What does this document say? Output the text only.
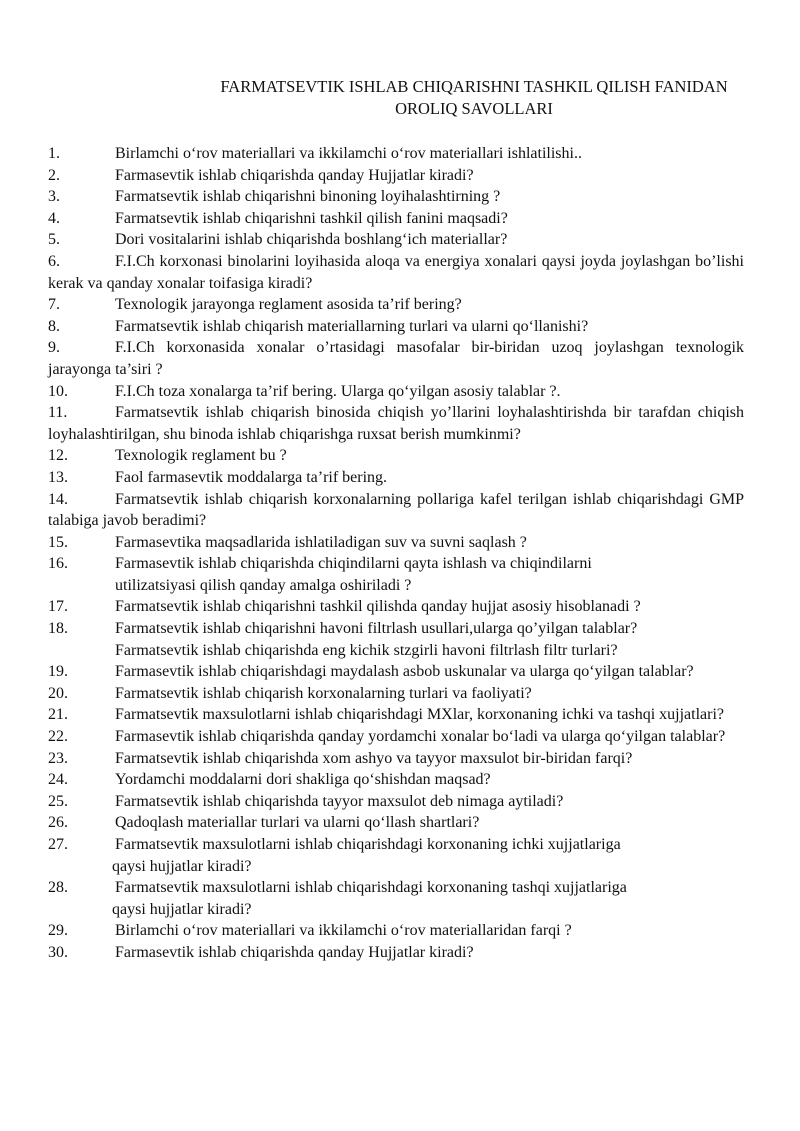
FARMATSEVTIK ISHLAB CHIQARISHNI TASHKIL QILISH FANIDAN
OROLIQ SAVOLLARI
1.	Birlamchi o‘rov materiallari va ikkilamchi o‘rov materiallari ishlatilishi..
2.	Farmasevtik ishlab chiqarishda qanday Hujjatlar kiradi?
3.	Farmatsevtik ishlab chiqarishni binoning loyihalashtirning ?
4.	Farmatsevtik ishlab chiqarishni tashkil qilish fanini maqsadi?
5.	Dori vositalarini ishlab chiqarishda boshlang‘ich materiallar?
6.	F.I.Ch korxonasi binolarini loyihasida aloqa va energiya xonalari qaysi joyda joylashgan bo’lishi kerak va qanday xonalar toifasiga kiradi?
7.	Texnologik jarayonga reglament asosida ta’rif bering?
8.	Farmatsevtik ishlab chiqarish materiallarning turlari va ularni qo‘llanishi?
9.	F.I.Ch korxonasida xonalar o’rtasidagi masofalar bir-biridan uzoq joylashgan texnologik jarayonga ta’siri ?
10.	F.I.Ch toza xonalarga ta’rif bering. Ularga qo‘yilgan asosiy talablar ?.
11.	Farmatsevtik ishlab chiqarish binosida chiqish yo’llarini loyhalashtirishda bir tarafdan chiqish loyhalashtirilgan, shu binoda ishlab chiqarishga ruxsat berish mumkinmi?
12.	Texnologik reglament bu ?
13.	Faol farmasevtik moddalarga ta’rif bering.
14.	Farmatsevtik ishlab chiqarish korxonalarning pollariga kafel terilgan ishlab chiqarishdagi GMP talabiga javob beradimi?
15.	Farmasevtika maqsadlarida ishlatiladigan suv va suvni saqlash ?
16.	Farmasevtik ishlab chiqarishda chiqindilarni qayta ishlash va chiqindilarni
utilizatsiyasi qilish qanday amalga oshiriladi ?
17.	Farmatsevtik ishlab chiqarishni tashkil qilishda qanday hujjat asosiy hisoblanadi ?
18.	Farmatsevtik ishlab chiqarishni havoni filtrlash usullari,ularga qo’yilgan talablar?
Farmatsevtik ishlab chiqarishda eng kichik stzgirli havoni filtrlash filtr turlari?
19.	Farmasevtik ishlab chiqarishdagi maydalash asbob uskunalar va ularga qo‘yilgan talablar?
20.	Farmatsevtik ishlab chiqarish korxonalarning turlari va faoliyati?
21.	Farmatsevtik maxsulotlarni ishlab chiqarishdagi MXlar, korxonaning ichki va tashqi xujjatlari?
22.	Farmasevtik ishlab chiqarishda qanday yordamchi xonalar bo‘ladi va ularga qo‘yilgan talablar?
23.	Farmatsevtik ishlab chiqarishda xom ashyo va tayyor maxsulot bir-biridan farqi?
24.	Yordamchi moddalarni dori shakliga qo‘shishdan maqsad?
25.	Farmatsevtik ishlab chiqarishda tayyor maxsulot deb nimaga aytiladi?
26.	Qadoqlash materiallar turlari va ularni qo‘llash shartlari?
27.	Farmatsevtik maxsulotlarni ishlab chiqarishdagi korxonaning ichki xujjatlariga
qaysi hujjatlar kiradi?
28.	Farmatsevtik maxsulotlarni ishlab chiqarishdagi korxonaning tashqi xujjatlariga
qaysi hujjatlar kiradi?
29.	Birlamchi o‘rov materiallari va ikkilamchi o‘rov materiallaridan farqi ?
30.	Farmasevtik ishlab chiqarishda qanday Hujjatlar kiradi?
